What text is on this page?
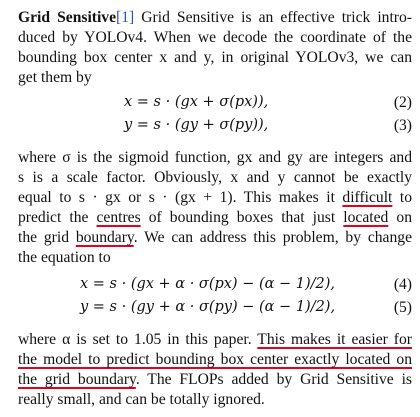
Grid Sensitive[1] Grid Sensitive is an effective trick intro-
duced by YOLOv4. When we decode the coordinate of the
bounding box center x and y, in original YOLOv3, we can
get them by
x = s · (gx + σ(px)),	(2)
y = s · (gy + σ(py)),	(3)
where σ is the sigmoid function, gx and gy are integers and
s is a scale factor. Obviously, x and y cannot be exactly
equal to s · gx or s · (gx + 1). This makes it difficult to
predict the centres of bounding boxes that just located on
the grid boundary. We can address this problem, by change
the equation to
x = s · (gx + α · σ(px) − (α − 1)/2),	(4)
y = s · (gy + α · σ(py) − (α − 1)/2),	(5)
where α is set to 1.05 in this paper. This makes it easier for
the model to predict bounding box center exactly located on
the grid boundary. The FLOPs added by Grid Sensitive is
really small, and can be totally ignored.
